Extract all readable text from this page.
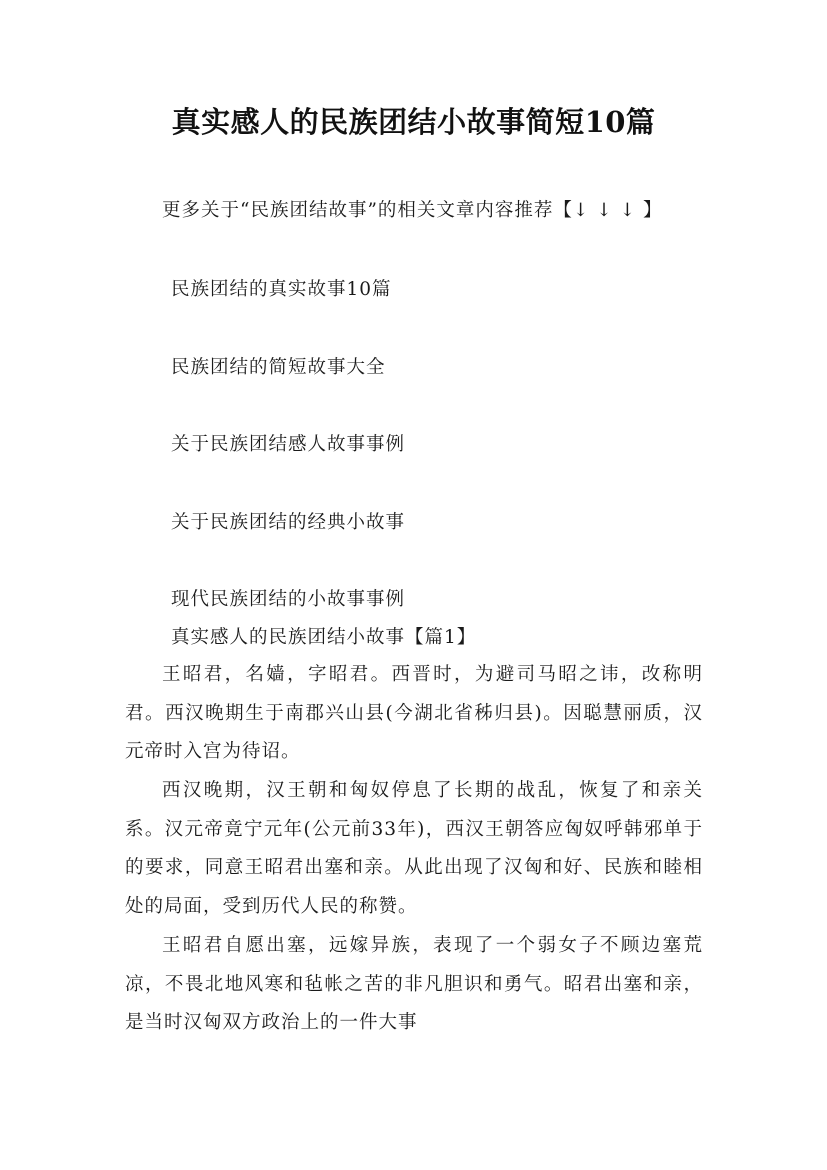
真实感人的民族团结小故事简短10篇
更多关于“民族团结故事”的相关文章内容推荐【↓ ↓ ↓ 】
民族团结的真实故事10篇
民族团结的简短故事大全
关于民族团结感人故事事例
关于民族团结的经典小故事
现代民族团结的小故事事例
真实感人的民族团结小故事【篇1】
王昭君，名嫱，字昭君。西晋时，为避司马昭之讳，改称明君。西汉晚期生于南郡兴山县(今湖北省秭归县)。因聪慧丽质，汉元帝时入宫为待诏。
西汉晚期，汉王朝和匈奴停息了长期的战乱，恢复了和亲关系。汉元帝竟宁元年(公元前33年)，西汉王朝答应匈奴呼韩邪单于的要求，同意王昭君出塞和亲。从此出现了汉匈和好、民族和睦相处的局面，受到历代人民的称赞。
王昭君自愿出塞，远嫁异族，表现了一个弱女子不顾边塞荒凉，不畏北地风寒和毡帐之苦的非凡胆识和勇气。昭君出塞和亲，是当时汉匈双方政治上的一件大事
